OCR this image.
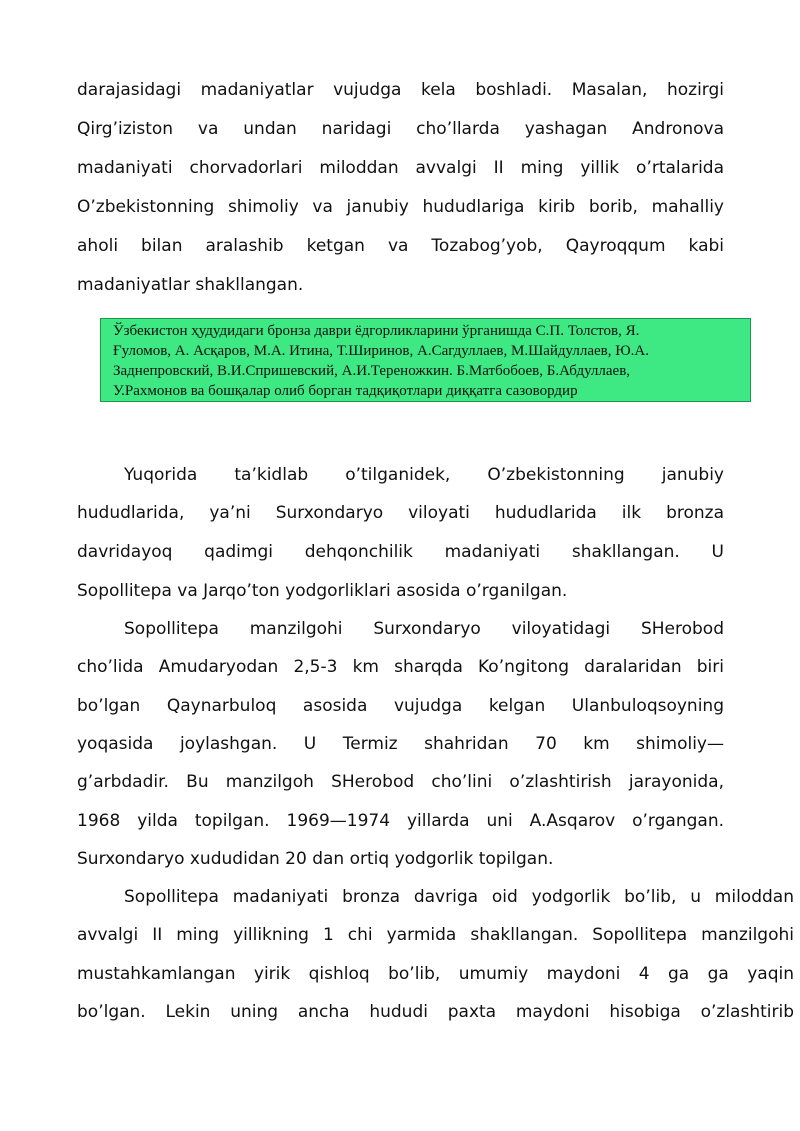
darajasidagi madaniyatlar vujudga kela boshladi. Masalan, hozirgi
Qirg’iziston va undan naridagi cho’llarda yashagan Andronova
madaniyati chorvadorlari miloddan avvalgi II ming yillik o’rtalarida
O’zbekistonning shimoliy va janubiy hududlariga kirib borib, mahalliy
aholi bilan aralashib ketgan va Tozabog’yob, Qayroqqum kabi
madaniyatlar shakllangan.
Ўзбекистон ҳудудидаги бронза даври ёдгорликларини ўрганишда С.П. Толстов, Я.
Ғуломов, А. Асқаров, М.А. Итина, Т.Ширинов, А.Сагдуллаев, М.Шайдуллаев, Ю.А.
Заднепровский, В.И.Спришевский, А.И.Тереножкин. Б.Матбобоев, Б.Абдуллаев,
У.Рахмонов ва бошқалар олиб борган тадқиқотлари диққатга сазовордир
Yuqorida ta’kidlab o’tilganidek, O’zbekistonning janubiy
hududlarida, ya’ni Surxondaryo viloyati hududlarida ilk bronza
davridayoq qadimgi dehqonchilik madaniyati shakllangan. U
Sopollitepa va Jarqo’ton yodgorliklari asosida o’rganilgan.
Sopollitepa manzilgohi Surxondaryo viloyatidagi SHerobod
cho’lida Amudaryodan 2,5-3 km sharqda Ko’ngitong daralaridan biri
bo’lgan Qaynarbuloq asosida vujudga kelgan Ulanbuloqsoyning
yoqasida joylashgan. U Termiz shahridan 70 km shimoliy—
g’arbdadir. Bu manzilgoh SHerobod cho’lini o’zlashtirish jarayonida,
1968 yilda topilgan. 1969—1974 yillarda uni A.Asqarov o’rgangan.
Surxondaryo xududidan 20 dan ortiq yodgorlik topilgan.
Sopollitepa madaniyati bronza davriga oid yodgorlik bo’lib, u miloddan
avvalgi II ming yillikning 1 chi yarmida shakllangan. Sopollitepa manzilgohi
mustahkamlangan yirik qishloq bo’lib, umumiy maydoni 4 ga ga yaqin
bo’lgan. Lekin uning ancha hududi paxta maydoni hisobiga o’zlashtirib
